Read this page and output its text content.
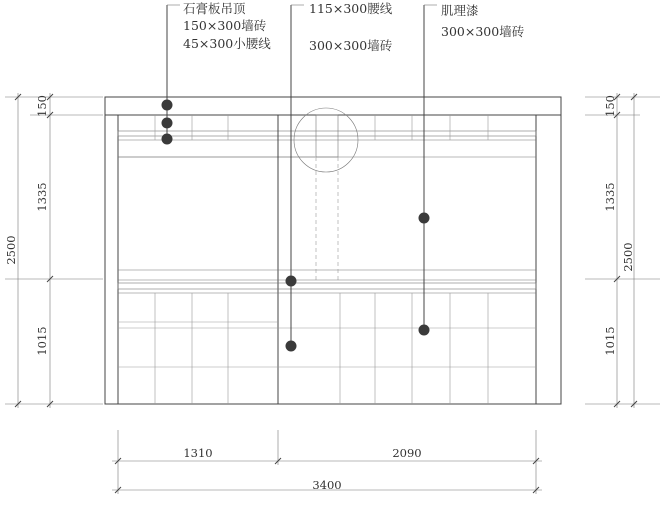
石膏板吊顶
150×300墙砖
45×300小腰线
115×300腰线
300×300墙砖
肌理漆
300×300墙砖
150
1335
2500
1015
150
1335
2500
1015
1310	2090
3400
